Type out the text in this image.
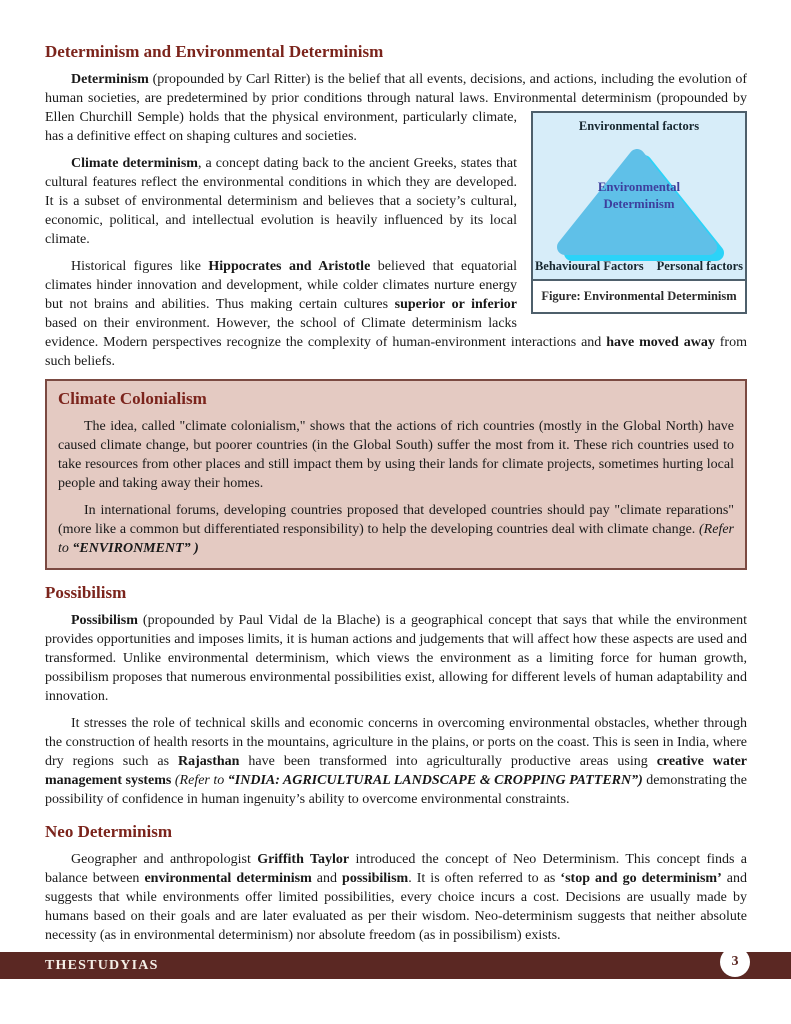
Determinism and Environmental Determinism

Determinism (propounded by Carl Ritter) is the belief that all events, decisions, and actions, including the evolution of human societies, are predetermined by prior conditions through natural laws. Environmental determinism (propounded
Environmental factors
Environmental Determinism
Behavioural Factors Personal factors
Figure: Environmental Determinism
by Ellen Churchill Semple) holds that the physical environment, particularly climate, has a definitive effect on shaping cultures and societies.

Climate determinism, a concept dating back to the ancient Greeks, states that cultural features reflect the environmental conditions in which they are developed. It is a subset of environmental determinism and believes that a society’s cultural, economic, political, and intellectual evolution is heavily influenced by its local climate.

Historical figures like Hippocrates and Aristotle believed that equatorial climates hinder innovation and development, while colder climates nurture energy but not brains and abilities. Thus making certain cultures superior or inferior based on their environment. However, the school of Climate determinism lacks evidence. Modern perspectives recognize the complexity of human-environment interactions and have moved away from such beliefs.

Climate Colonialism

The idea, called "climate colonialism," shows that the actions of rich countries (mostly in the Global North) have caused climate change, but poorer countries (in the Global South) suffer the most from it. These rich countries used to take resources from other places and still impact them by using their lands for climate projects, sometimes hurting local people and taking away their homes.

In international forums, developing countries proposed that developed countries should pay "climate reparations" (more like a common but differentiated responsibility) to help the developing countries deal with climate change. (Refer to “ENVIRONMENT” )

Possibilism

Possibilism (propounded by Paul Vidal de la Blache) is a geographical concept that says that while the environment provides opportunities and imposes limits, it is human actions and judgements that will affect how these aspects are used and transformed. Unlike environmental determinism, which views the environment as a limiting force for human growth, possibilism proposes that numerous environmental possibilities exist, allowing for different levels of human adaptability and innovation.

It stresses the role of technical skills and economic concerns in overcoming environmental obstacles, whether through the construction of health resorts in the mountains, agriculture in the plains, or ports on the coast. This is seen in India, where dry regions such as Rajasthan have been transformed into agriculturally productive areas using creative water management systems (Refer to “INDIA: AGRICULTURAL LANDSCAPE & CROPPING PATTERN”) demonstrating the possibility of confidence in human ingenuity’s ability to overcome environmental constraints.

Neo Determinism

Geographer and anthropologist Griffith Taylor introduced the concept of Neo Determinism. This concept finds a balance between environmental determinism and possibilism. It is often referred to as ‘stop and go determinism’ and suggests that while environments offer limited possibilities, every choice incurs a cost. Decisions are usually made by humans based on their goals and are later evaluated as per their wisdom. Neo-determinism suggests that neither absolute necessity (as in environmental determinism) nor absolute freedom (as in possibilism) exists.

THESTUDYIAS	3
